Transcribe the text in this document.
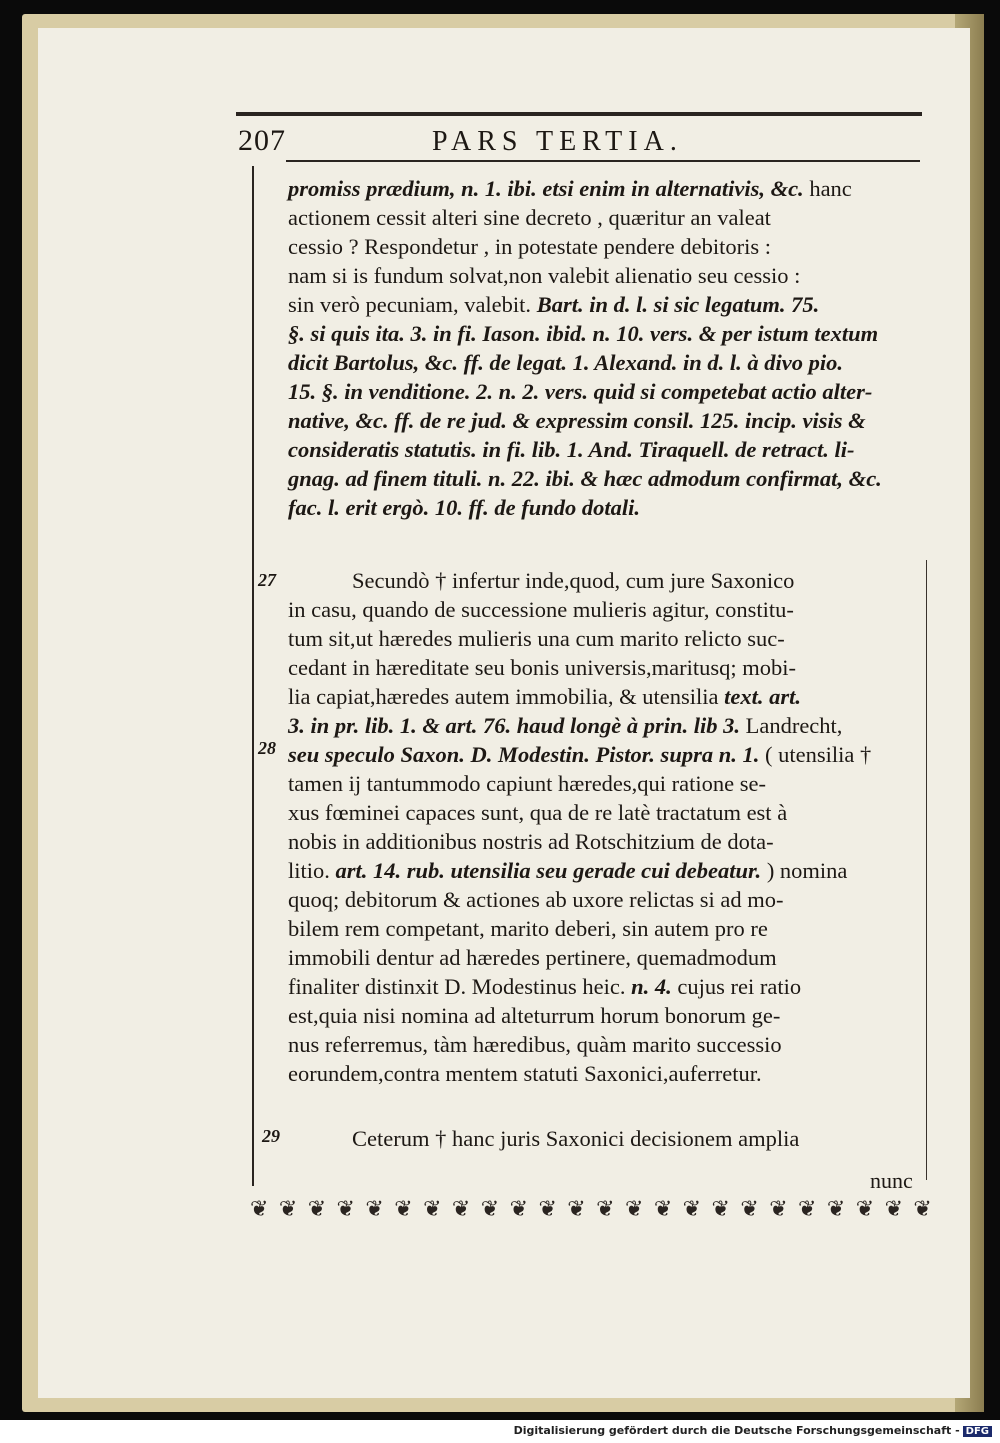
207	PARS TERTIA.
promiss prædium, n. 1. ibi. etsi enim in alternativis, &c. hanc
actionem cessit alteri sine decreto , quæritur an valeat
cessio ? Respondetur , in potestate pendere debitoris :
nam si is fundum solvat,non valebit alienatio seu cessio :
sin verò pecuniam, valebit. Bart. in d. l. si sic legatum. 75.
§. si quis ita. 3. in fi. Iason. ibid. n. 10. vers. & per istum textum
dicit Bartolus, &c. ff. de legat. 1. Alexand. in d. l. à divo pio.
15. §. in venditione. 2. n. 2. vers. quid si competebat actio alter-
native, &c. ff. de re jud. & expressim consil. 125. incip. visis &
consideratis statutis. in fi. lib. 1. And. Tiraquell. de retract. li-
gnag. ad finem tituli. n. 22. ibi. & hæc admodum confirmat, &c.
fac. l. erit ergò. 10. ff. de fundo dotali.
Secundò † infertur inde,quod, cum jure Saxonico
in casu, quando de successione mulieris agitur, constitu-
tum sit,ut hæredes mulieris una cum marito relicto suc-
cedant in hæreditate seu bonis universis,maritusq; mobi-
lia capiat,hæredes autem immobilia, & utensilia text. art.
3. in pr. lib. 1. & art. 76. haud longè à prin. lib 3. Landrecht,
seu speculo Saxon. D. Modestin. Pistor. supra n. 1. ( utensilia †
tamen ij tantummodo capiunt hæredes,qui ratione se-
xus fœminei capaces sunt, qua de re latè tractatum est à
nobis in additionibus nostris ad Rotschitzium de dota-
litio. art. 14. rub. utensilia seu gerade cui debeatur. ) nomina
quoq; debitorum & actiones ab uxore relictas si ad mo-
bilem rem competant, marito deberi, sin autem pro re
immobili dentur ad hæredes pertinere, quemadmodum
finaliter distinxit D. Modestinus heic. n. 4. cujus rei ratio
est,quia nisi nomina ad alteturrum horum bonorum ge-
nus referremus, tàm hæredibus, quàm marito successio
eorundem,contra mentem statuti Saxonici,auferretur.
Ceterum † hanc juris Saxonici decisionem amplia
27
28
29
nunc
❦ ❦ ❦ ❦ ❦ ❦ ❦ ❦ ❦ ❦ ❦ ❦ ❦ ❦ ❦ ❦ ❦ ❦ ❦ ❦ ❦ ❦ ❦ ❦
Digitalisierung gefördert durch die Deutsche Forschungsgemeinschaft - DFG
